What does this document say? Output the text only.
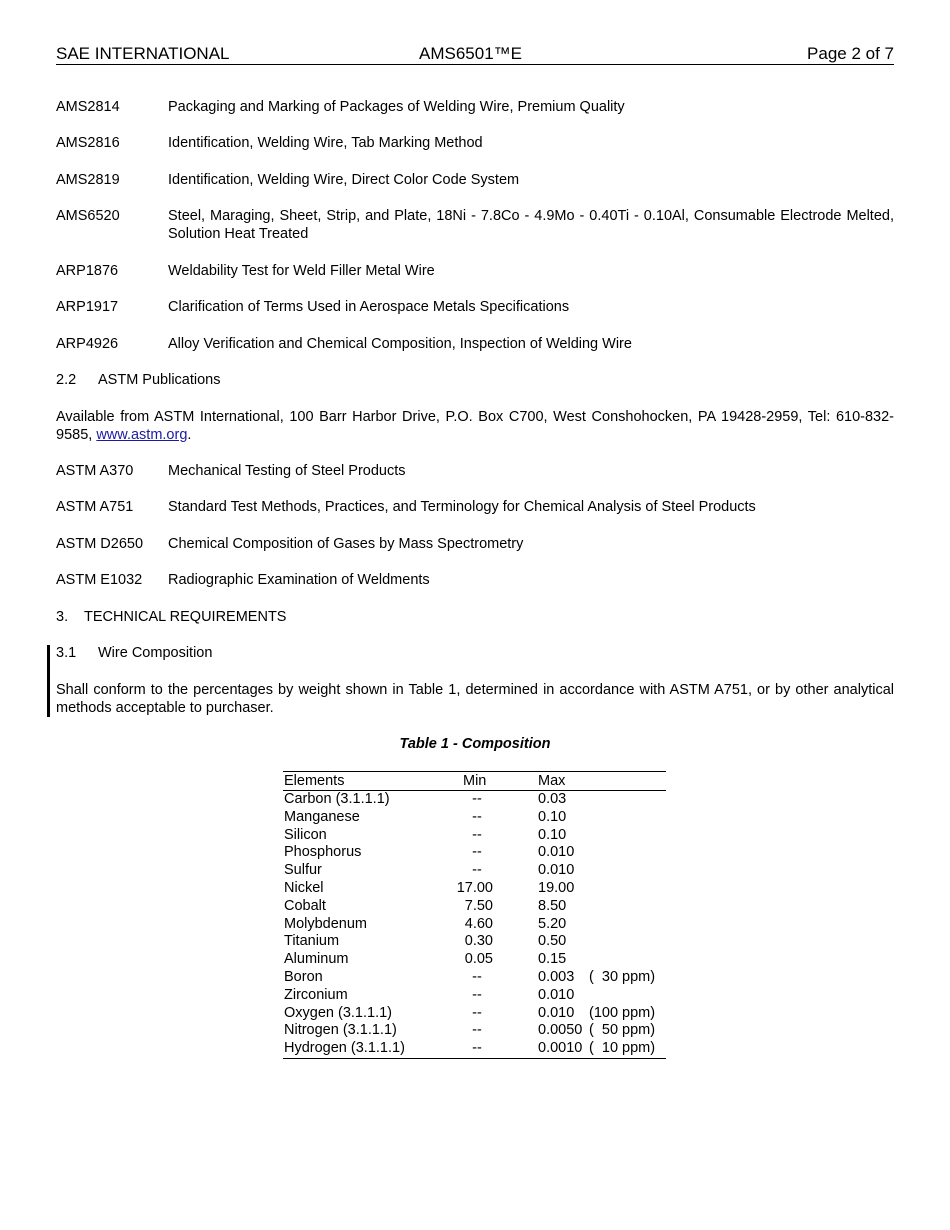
SAE INTERNATIONAL	AMS6501™E	Page 2 of 7
AMS2814	Packaging and Marking of Packages of Welding Wire, Premium Quality
AMS2816	Identification, Welding Wire, Tab Marking Method
AMS2819	Identification, Welding Wire, Direct Color Code System
AMS6520	Steel, Maraging, Sheet, Strip, and Plate, 18Ni - 7.8Co - 4.9Mo - 0.40Ti - 0.10Al, Consumable Electrode Melted, Solution Heat Treated
ARP1876	Weldability Test for Weld Filler Metal Wire
ARP1917	Clarification of Terms Used in Aerospace Metals Specifications
ARP4926	Alloy Verification and Chemical Composition, Inspection of Welding Wire
2.2 ASTM Publications
Available from ASTM International, 100 Barr Harbor Drive, P.O. Box C700, West Conshohocken, PA 19428-2959, Tel: 610-832-9585, www.astm.org.
ASTM A370 Mechanical Testing of Steel Products
ASTM A751 Standard Test Methods, Practices, and Terminology for Chemical Analysis of Steel Products
ASTM D2650 Chemical Composition of Gases by Mass Spectrometry
ASTM E1032 Radiographic Examination of Weldments
3. TECHNICAL REQUIREMENTS
3.1 Wire Composition
Shall conform to the percentages by weight shown in Table 1, determined in accordance with ASTM A751, or by other analytical methods acceptable to purchaser.
Table 1 - Composition
Elements	Min	Max
Carbon (3.1.1.1)	--	0.03
Manganese	--	0.10
Silicon	--	0.10
Phosphorus	--	0.010
Sulfur	--	0.010
Nickel	17.00	19.00
Cobalt	7.50	8.50
Molybdenum	4.60	5.20
Titanium	0.30	0.50
Aluminum	0.05	0.15
Boron	--	0.003 (  30 ppm)
Zirconium	--	0.010
Oxygen (3.1.1.1)	--	0.010 (100 ppm)
Nitrogen (3.1.1.1)	--	0.0050 (  50 ppm)
Hydrogen (3.1.1.1)	--	0.0010 (  10 ppm)
